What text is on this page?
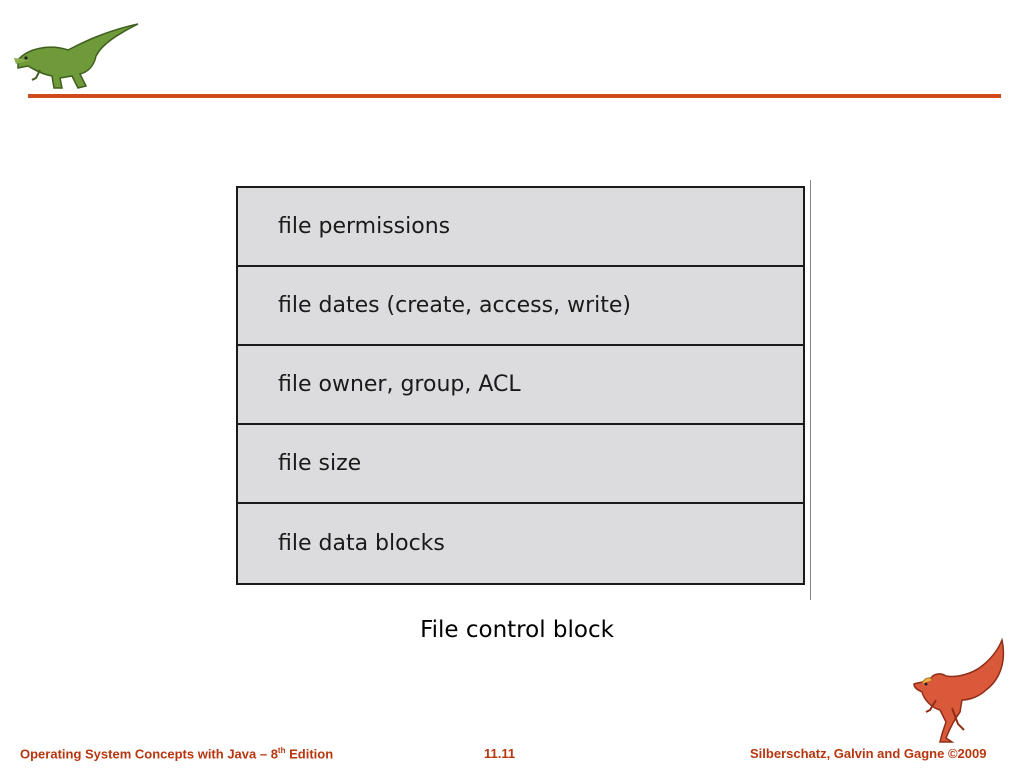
file permissions
file dates (create, access, write)
file owner, group, ACL
file size
file data blocks
File control block
Operating System Concepts with Java – 8th Edition	11.11	Silberschatz, Galvin and Gagne ©2009
